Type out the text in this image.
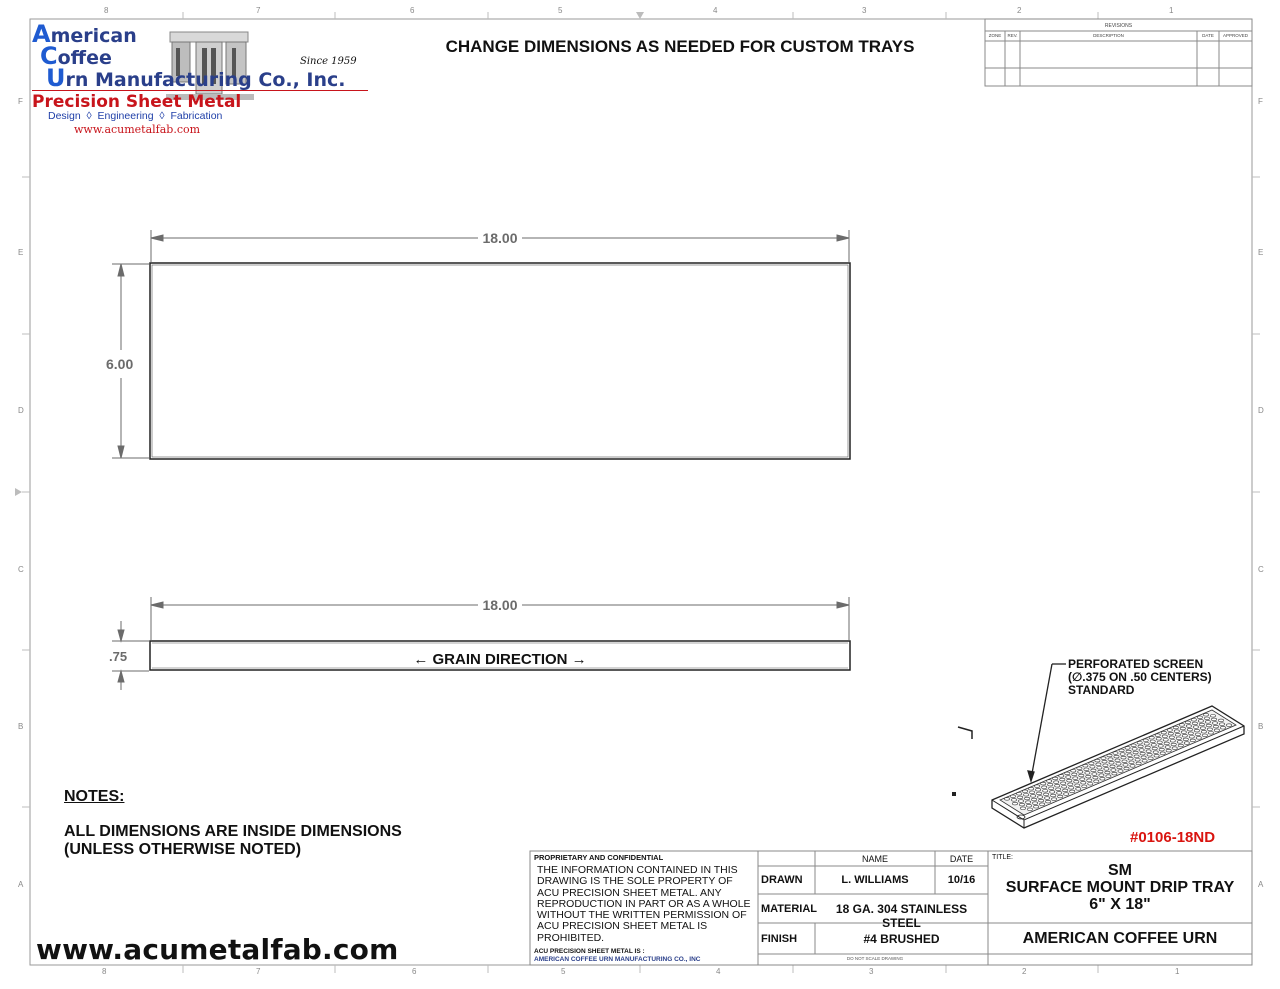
8	7	6	5	4	3	2	1
8	7	6	5	4	3	2	1
F
E
D
C
B
A
F
E
D
C
B
A
American
Coffee	Since 1959
Urn Manufacturing Co., Inc.
Precision Sheet Metal
Design  ◊  Engineering  ◊  Fabrication
www.acumetalfab.com
CHANGE DIMENSIONS AS NEEDED FOR CUSTOM TRAYS
REVISIONS
ZONE	REV.	DESCRIPTION	DATE	APPROVED
18.00
6.00
18.00
.75	← GRAIN DIRECTION →	PERFORATED SCREEN
(∅.375 ON .50 CENTERS)
STANDARD
#0106-18ND
NOTES:
ALL DIMENSIONS ARE INSIDE DIMENSIONS
(UNLESS OTHERWISE NOTED)
www.acumetalfab.com
PROPRIETARY AND CONFIDENTIAL
THE INFORMATION CONTAINED IN THIS
DRAWING IS THE SOLE PROPERTY OF
ACU PRECISION SHEET METAL. ANY
REPRODUCTION IN PART OR AS A WHOLE
WITHOUT THE WRITTEN PERMISSION OF
ACU PRECISION SHEET METAL IS
PROHIBITED.
ACU PRECISION SHEET METAL IS :
AMERICAN COFFEE URN MANUFACTURING CO., INC
NAME	DATE
DRAWN	L. WILLIAMS	10/16
MATERIAL	18 GA. 304 STAINLESS STEEL
FINISH	#4 BRUSHED
DO NOT SCALE DRAWING
TITLE:
SM
SURFACE MOUNT DRIP TRAY
6" X 18"
AMERICAN COFFEE URN
